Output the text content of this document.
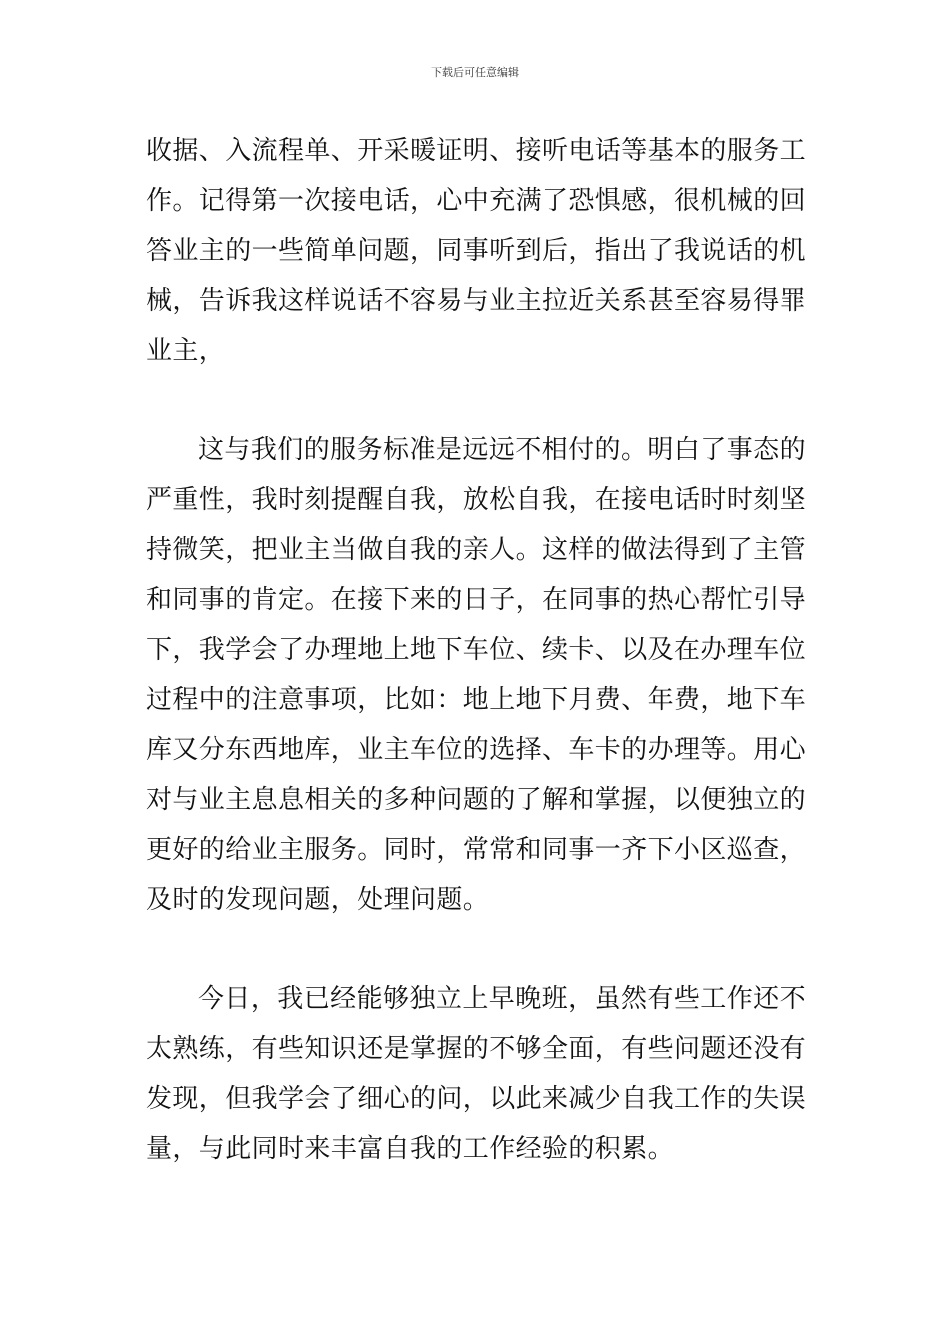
下载后可任意编辑

收据、入流程单、开采暖证明、接听电话等基本的服务工作。记得第一次接电话，心中充满了恐惧感，很机械的回答业主的一些简单问题，同事听到后，指出了我说话的机械，告诉我这样说话不容易与业主拉近关系甚至容易得罪业主，

这与我们的服务标准是远远不相付的。明白了事态的严重性，我时刻提醒自我，放松自我，在接电话时时刻坚持微笑，把业主当做自我的亲人。这样的做法得到了主管和同事的肯定。在接下来的日子，在同事的热心帮忙引导下，我学会了办理地上地下车位、续卡、以及在办理车位过程中的注意事项，比如：地上地下月费、年费，地下车库又分东西地库，业主车位的选择、车卡的办理等。用心对与业主息息相关的多种问题的了解和掌握，以便独立的更好的给业主服务。同时，常常和同事一齐下小区巡查，及时的发现问题，处理问题。

今日，我已经能够独立上早晚班，虽然有些工作还不太熟练，有些知识还是掌握的不够全面，有些问题还没有发现，但我学会了细心的问，以此来减少自我工作的失误量，与此同时来丰富自我的工作经验的积累。
